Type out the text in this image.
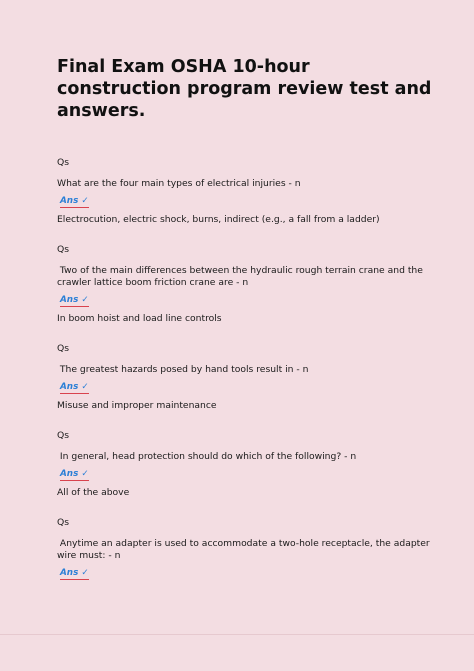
Final Exam OSHA 10-hour construction program review test and answers.
Qs
What are the four main types of electrical injuries - n
Ans ✓
Electrocution, electric shock, burns, indirect (e.g., a fall from a ladder)
Qs
Two of the main differences between the hydraulic rough terrain crane and the crawler lattice boom friction crane are - n
Ans ✓
In boom hoist and load line controls
Qs
The greatest hazards posed by hand tools result in - n
Ans ✓
Misuse and improper maintenance
Qs
In general, head protection should do which of the following? - n
Ans ✓
All of the above
Qs
Anytime an adapter is used to accommodate a two-hole receptacle, the adapter wire must: - n
Ans ✓
